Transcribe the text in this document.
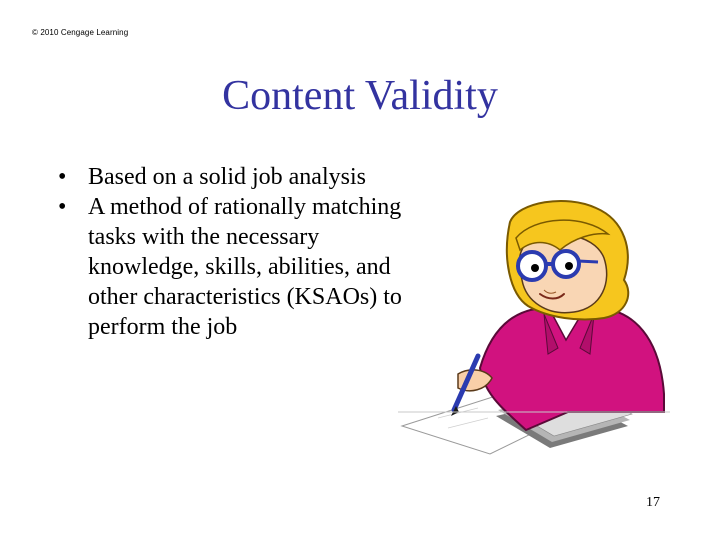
© 2010 Cengage Learning
Content Validity
• Based on a solid job analysis
• A method of rationally matching tasks with the necessary knowledge, skills, abilities, and other characteristics (KSAOs) to perform the job
17
